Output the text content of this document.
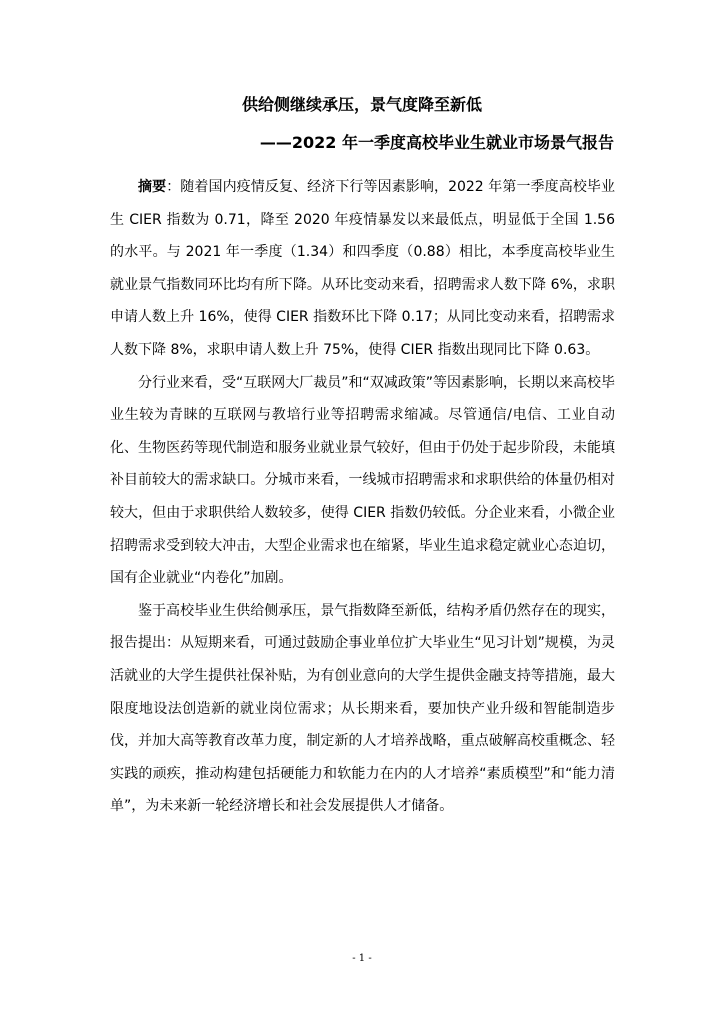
供给侧继续承压，景气度降至新低
——2022 年一季度高校毕业生就业市场景气报告

摘要：随着国内疫情反复、经济下行等因素影响，2022 年第一季度高校毕业生 CIER 指数为 0.71，降至 2020 年疫情暴发以来最低点，明显低于全国 1.56 的水平。与 2021 年一季度（1.34）和四季度（0.88）相比，本季度高校毕业生就业景气指数同环比均有所下降。从环比变动来看，招聘需求人数下降 6%，求职申请人数上升 16%，使得 CIER 指数环比下降 0.17；从同比变动来看，招聘需求人数下降 8%，求职申请人数上升 75%，使得 CIER 指数出现同比下降 0.63。

分行业来看，受“互联网大厂裁员”和“双减政策”等因素影响，长期以来高校毕业生较为青睐的互联网与教培行业等招聘需求缩减。尽管通信/电信、工业自动化、生物医药等现代制造和服务业就业景气较好，但由于仍处于起步阶段，未能填补目前较大的需求缺口。分城市来看，一线城市招聘需求和求职供给的体量仍相对较大，但由于求职供给人数较多，使得 CIER 指数仍较低。分企业来看，小微企业招聘需求受到较大冲击，大型企业需求也在缩紧，毕业生追求稳定就业心态迫切，国有企业就业“内卷化”加剧。

鉴于高校毕业生供给侧承压，景气指数降至新低，结构矛盾仍然存在的现实，报告提出：从短期来看，可通过鼓励企事业单位扩大毕业生“见习计划”规模，为灵活就业的大学生提供社保补贴，为有创业意向的大学生提供金融支持等措施，最大限度地设法创造新的就业岗位需求；从长期来看，要加快产业升级和智能制造步伐，并加大高等教育改革力度，制定新的人才培养战略，重点破解高校重概念、轻实践的顽疾，推动构建包括硬能力和软能力在内的人才培养“素质模型”和“能力清单”，为未来新一轮经济增长和社会发展提供人才储备。

- 1 -
